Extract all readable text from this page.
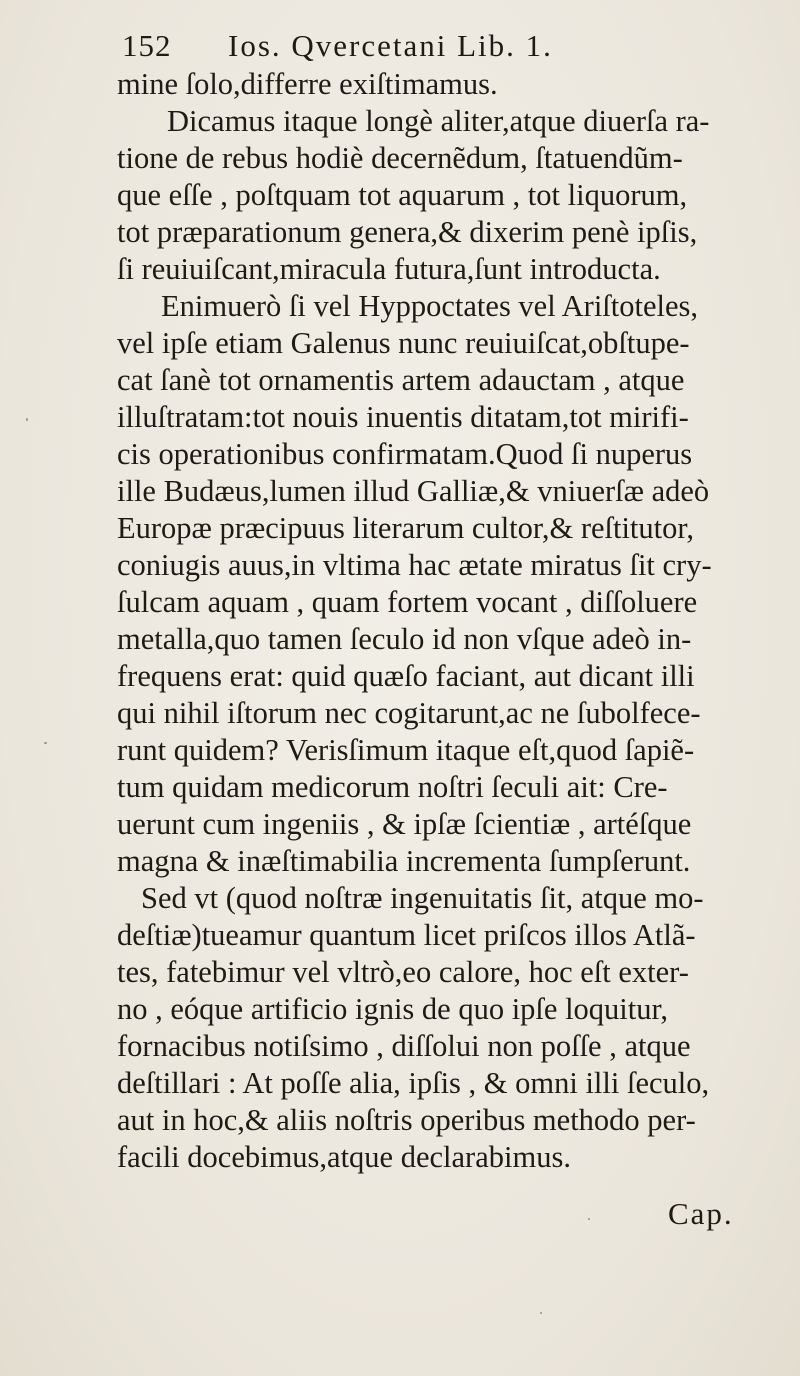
152 Ios. Qvercetani Lib. 1.
mine ſolo,differre exiſtimamus.
Dicamus itaque longè aliter,atque diuerſa ra-
tione de rebus hodiè decernẽdum, ſtatuendũm-
que eſſe , poſtquam tot aquarum , tot liquorum,
tot præparationum genera,& dixerim penè ipſis,
ſi reuiuiſcant,miracula futura,ſunt introducta.
Enimuerò ſi vel Hyppoctates vel Ariſtoteles,
vel ipſe etiam Galenus nunc reuiuiſcat,obſtupe-
cat ſanè tot ornamentis artem adauctam , atque
illuſtratam:tot nouis inuentis ditatam,tot mirifi-
cis operationibus confirmatam.Quod ſi nuperus
ille Budæus,lumen illud Galliæ,& vniuerſæ adeò
Europæ præcipuus literarum cultor,& reſtitutor,
coniugis auus,in vltima hac ætate miratus ſit cry-
ſulcam aquam , quam fortem vocant , diſſoluere
metalla,quo tamen ſeculo id non vſque adeò in-
frequens erat: quid quæſo faciant, aut dicant illi
qui nihil iſtorum nec cogitarunt,ac ne ſubolfece-
runt quidem? Verisſimum itaque eſt,quod ſapiẽ-
tum quidam medicorum noſtri ſeculi ait: Cre-
uerunt cum ingeniis , & ipſæ ſcientiæ , artéſque
magna & inæſtimabilia incrementa ſumpſerunt.
Sed vt (quod noſtræ ingenuitatis ſit, atque mo-
deſtiæ)tueamur quantum licet priſcos illos Atlã-
tes, fatebimur vel vltrò,eo calore, hoc eſt exter-
no , eóque artificio ignis de quo ipſe loquitur,
fornacibus notiſsimo , diſſolui non poſſe , atque
deſtillari : At poſſe alia, ipſis , & omni illi ſeculo,
aut in hoc,& aliis noſtris operibus methodo per-
facili docebimus,atque declarabimus.
Cap.
